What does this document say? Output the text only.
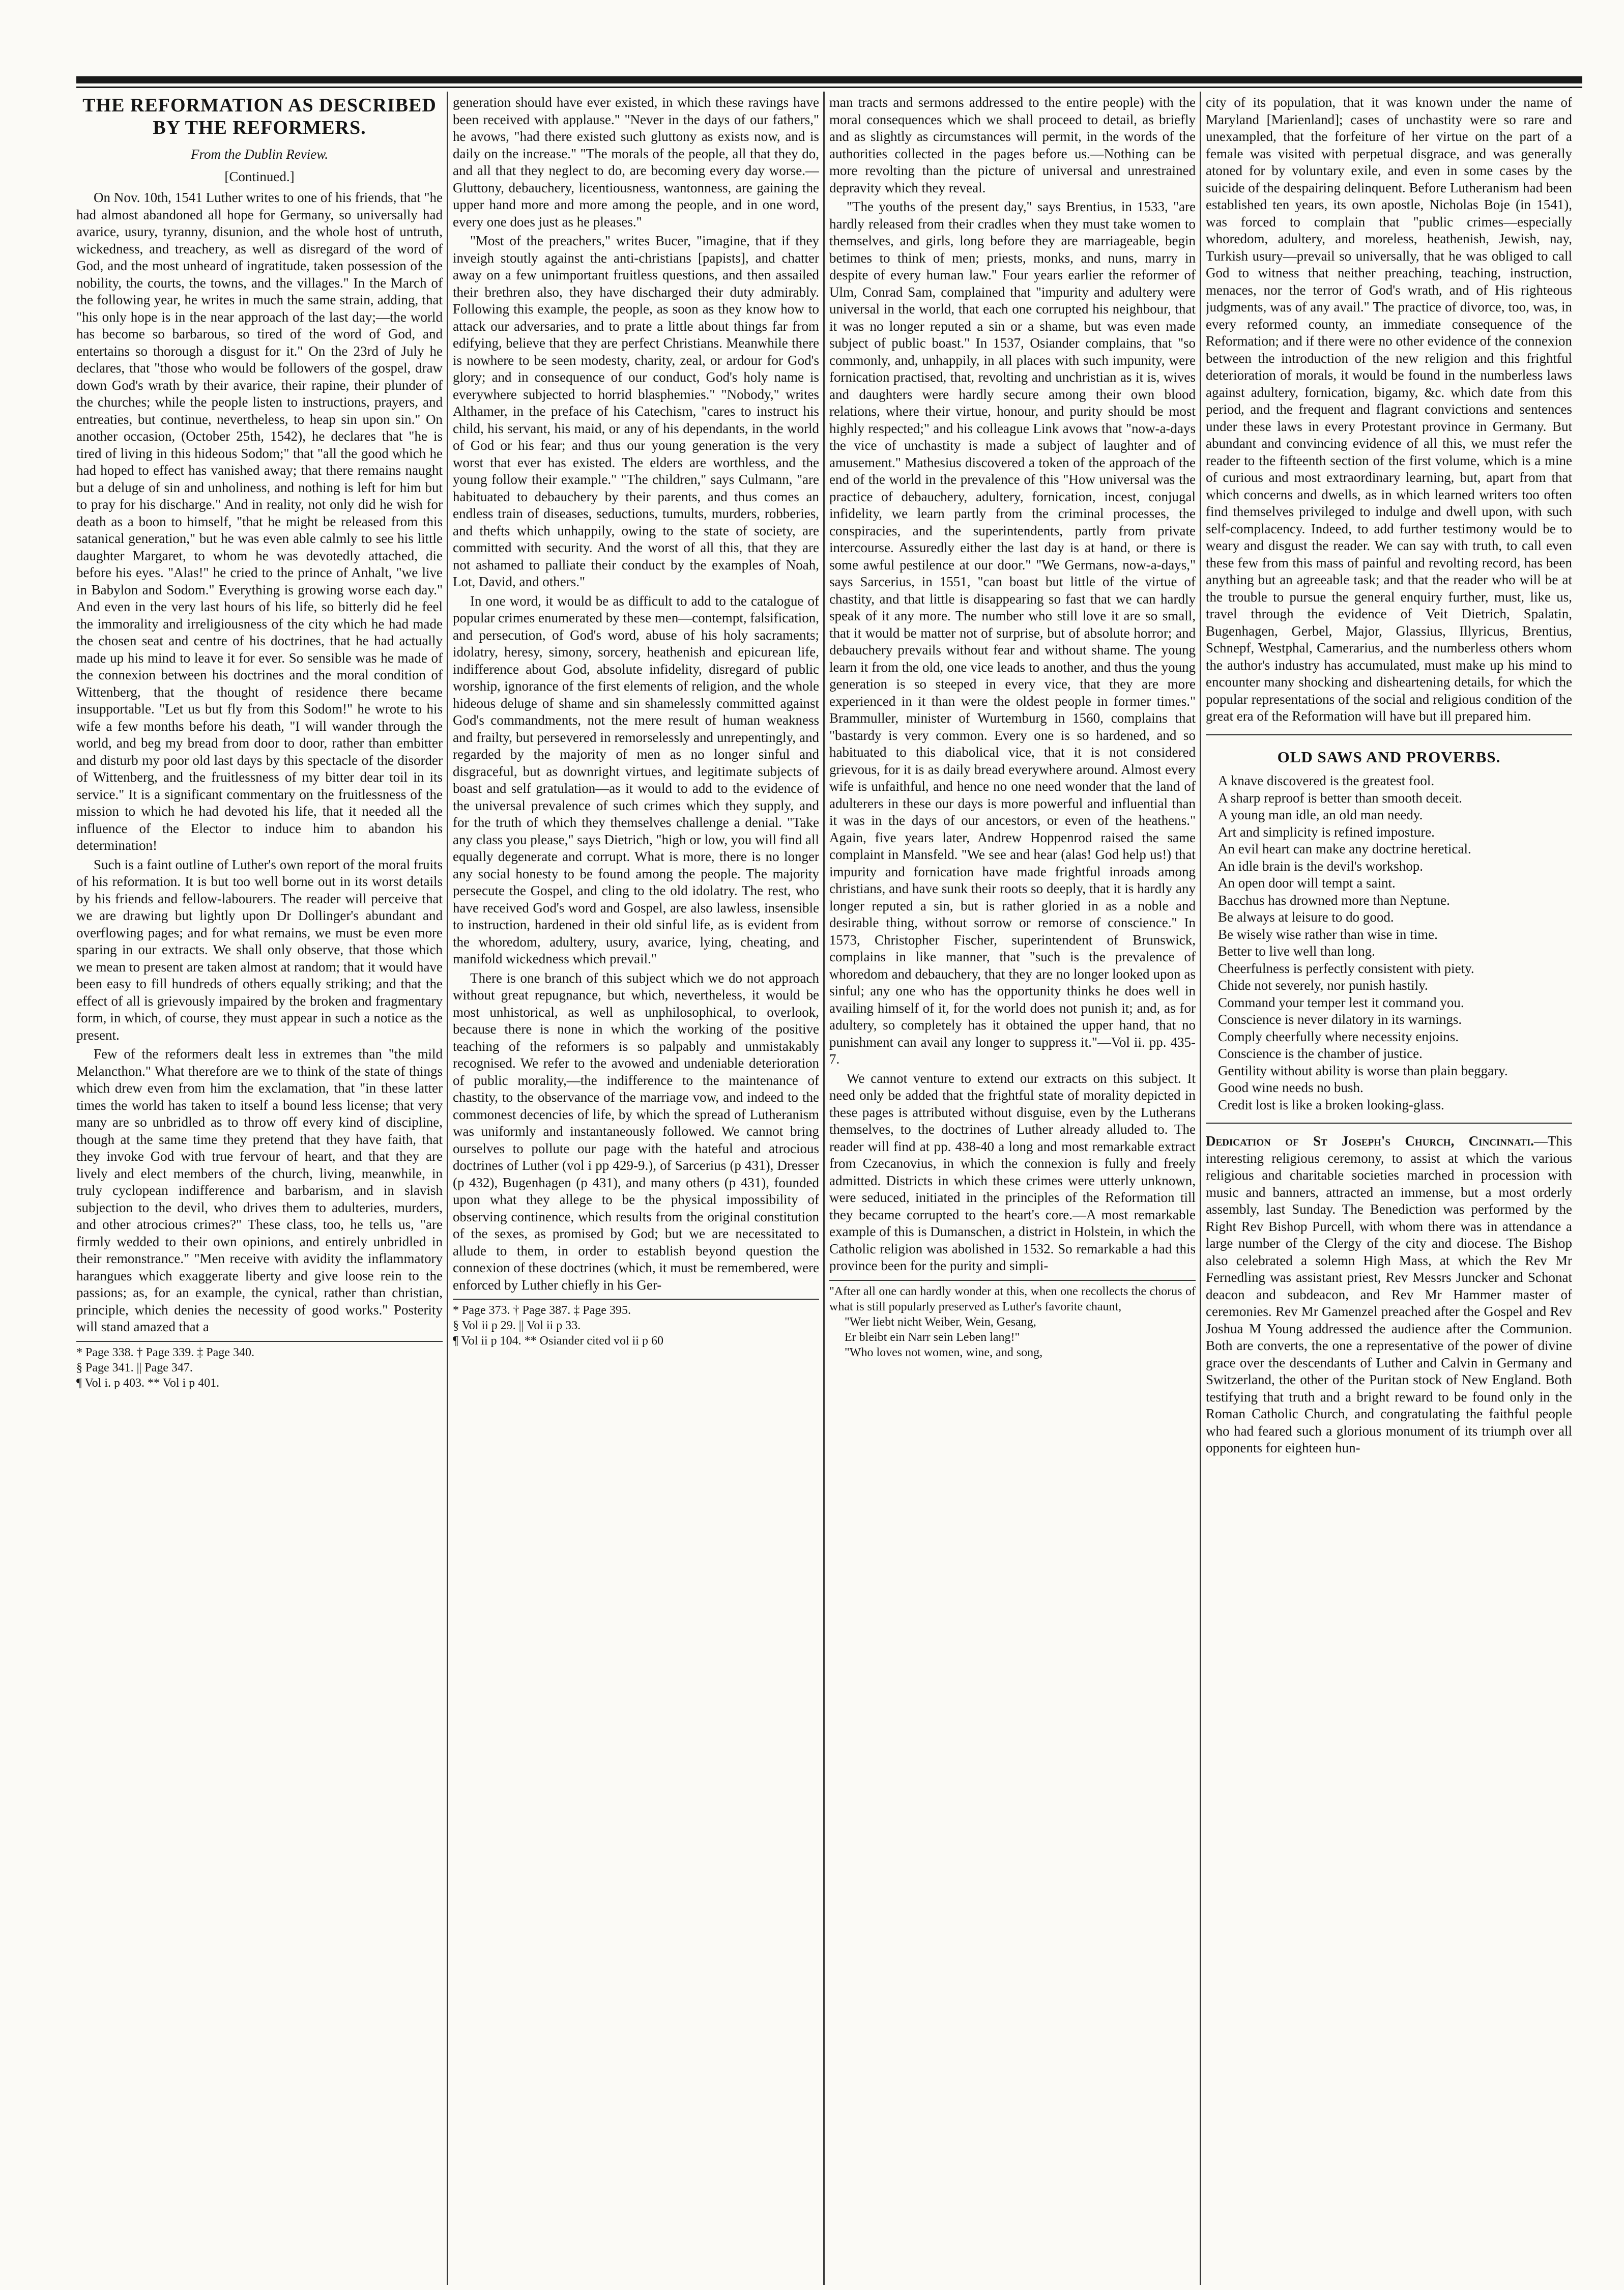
THE REFORMATION AS DESCRIBED BY THE REFORMERS.

From the Dublin Review.

[Continued.]

On Nov. 10th, 1541 Luther writes to one of his friends, that "he had almost abandoned all hope for Germany, so universally had avarice, usury, tyranny, disunion, and the whole host of untruth, wickedness, and treachery, as well as disregard of the word of God, and the most unheard of ingratitude, taken possession of the nobility, the courts, the towns, and the villages." In the March of the following year, he writes in much the same strain, adding, that "his only hope is in the near approach of the last day;—the world has become so barbarous, so tired of the word of God, and entertains so thorough a disgust for it." On the 23rd of July he declares, that "those who would be followers of the gospel, draw down God's wrath by their avarice, their rapine, their plunder of the churches; while the people listen to instructions, prayers, and entreaties, but continue, nevertheless, to heap sin upon sin." On another occasion, (October 25th, 1542), he declares that "he is tired of living in this hideous Sodom;" that "all the good which he had hoped to effect has vanished away; that there remains naught but a deluge of sin and unholiness, and nothing is left for him but to pray for his discharge." And in reality, not only did he wish for death as a boon to himself, "that he might be released from this satanical generation," but he was even able calmly to see his little daughter Margaret, to whom he was devotedly attached, die before his eyes. "Alas!" he cried to the prince of Anhalt, "we live in Babylon and Sodom." Everything is growing worse each day." And even in the very last hours of his life, so bitterly did he feel the immorality and irreligiousness of the city which he had made the chosen seat and centre of his doctrines, that he had actually made up his mind to leave it for ever. So sensible was he made of the connexion between his doctrines and the moral condition of Wittenberg, that the thought of residence there became insupportable. "Let us but fly from this Sodom!" he wrote to his wife a few months before his death, "I will wander through the world, and beg my bread from door to door, rather than embitter and disturb my poor old last days by this spectacle of the disorder of Wittenberg, and the fruitlessness of my bitter dear toil in its service." It is a significant commentary on the fruitlessness of the mission to which he had devoted his life, that it needed all the influence of the Elector to induce him to abandon his determination!

Such is a faint outline of Luther's own report of the moral fruits of his reformation. It is but too well borne out in its worst details by his friends and fellow-labourers. The reader will perceive that we are drawing but lightly upon Dr Dollinger's abundant and overflowing pages; and for what remains, we must be even more sparing in our extracts. We shall only observe, that those which we mean to present are taken almost at random; that it would have been easy to fill hundreds of others equally striking; and that the effect of all is grievously impaired by the broken and fragmentary form, in which, of course, they must appear in such a notice as the present.

Few of the reformers dealt less in extremes than "the mild Melancthon." What therefore are we to think of the state of things which drew even from him the exclamation, that "in these latter times the world has taken to itself a bound less license; that very many are so unbridled as to throw off every kind of discipline, though at the same time they pretend that they have faith, that they invoke God with true fervour of heart, and that they are lively and elect members of the church, living, meanwhile, in truly cyclopean indifference and barbarism, and in slavish subjection to the devil, who drives them to adulteries, murders, and other atrocious crimes?" These class, too, he tells us, "are firmly wedded to their own opinions, and entirely unbridled in their remonstrance." "Men receive with avidity the inflammatory harangues which exaggerate liberty and give loose rein to the passions; as, for an example, the cynical, rather than christian, principle, which denies the necessity of good works." Posterity will stand amazed that a

* Page 338. † Page 339. ‡ Page 340.

§ Page 341. || Page 347.

¶ Vol i. p 403. ** Vol i p 401.

generation should have ever existed, in which these ravings have been received with applause." "Never in the days of our fathers," he avows, "had there existed such gluttony as exists now, and is daily on the increase." "The morals of the people, all that they do, and all that they neglect to do, are becoming every day worse.—Gluttony, debauchery, licentiousness, wantonness, are gaining the upper hand more and more among the people, and in one word, every one does just as he pleases."

"Most of the preachers," writes Bucer, "imagine, that if they inveigh stoutly against the anti-christians [papists], and chatter away on a few unimportant fruitless questions, and then assailed their brethren also, they have discharged their duty admirably. Following this example, the people, as soon as they know how to attack our adversaries, and to prate a little about things far from edifying, believe that they are perfect Christians. Meanwhile there is nowhere to be seen modesty, charity, zeal, or ardour for God's glory; and in consequence of our conduct, God's holy name is everywhere subjected to horrid blasphemies." "Nobody," writes Althamer, in the preface of his Catechism, "cares to instruct his child, his servant, his maid, or any of his dependants, in the world of God or his fear; and thus our young generation is the very worst that ever has existed. The elders are worthless, and the young follow their example." "The children," says Culmann, "are habituated to debauchery by their parents, and thus comes an endless train of diseases, seductions, tumults, murders, robberies, and thefts which unhappily, owing to the state of society, are committed with security. And the worst of all this, that they are not ashamed to palliate their conduct by the examples of Noah, Lot, David, and others."

In one word, it would be as difficult to add to the catalogue of popular crimes enumerated by these men—contempt, falsification, and persecution, of God's word, abuse of his holy sacraments; idolatry, heresy, simony, sorcery, heathenish and epicurean life, indifference about God, absolute infidelity, disregard of public worship, ignorance of the first elements of religion, and the whole hideous deluge of shame and sin shamelessly committed against God's commandments, not the mere result of human weakness and frailty, but persevered in remorselessly and unrepentingly, and regarded by the majority of men as no longer sinful and disgraceful, but as downright virtues, and legitimate subjects of boast and self gratulation—as it would to add to the evidence of the universal prevalence of such crimes which they supply, and for the truth of which they themselves challenge a denial. "Take any class you please," says Dietrich, "high or low, you will find all equally degenerate and corrupt. What is more, there is no longer any social honesty to be found among the people. The majority persecute the Gospel, and cling to the old idolatry. The rest, who have received God's word and Gospel, are also lawless, insensible to instruction, hardened in their old sinful life, as is evident from the whoredom, adultery, usury, avarice, lying, cheating, and manifold wickedness which prevail."

There is one branch of this subject which we do not approach without great repugnance, but which, nevertheless, it would be most unhistorical, as well as unphilosophical, to overlook, because there is none in which the working of the positive teaching of the reformers is so palpably and unmistakably recognised. We refer to the avowed and undeniable deterioration of public morality,—the indifference to the maintenance of chastity, to the observance of the marriage vow, and indeed to the commonest decencies of life, by which the spread of Lutheranism was uniformly and instantaneously followed. We cannot bring ourselves to pollute our page with the hateful and atrocious doctrines of Luther (vol i pp 429-9.), of Sarcerius (p 431), Dresser (p 432), Bugenhagen (p 431), and many others (p 431), founded upon what they allege to be the physical impossibility of observing continence, which results from the original constitution of the sexes, as promised by God; but we are necessitated to allude to them, in order to establish beyond question the connexion of these doctrines (which, it must be remembered, were enforced by Luther chiefly in his Ger-

* Page 373. † Page 387. ‡ Page 395.

§ Vol ii p 29. || Vol ii p 33.

¶ Vol ii p 104. ** Osiander cited vol ii p 60

man tracts and sermons addressed to the entire people) with the moral consequences which we shall proceed to detail, as briefly and as slightly as circumstances will permit, in the words of the authorities collected in the pages before us.—Nothing can be more revolting than the picture of universal and unrestrained depravity which they reveal.

"The youths of the present day," says Brentius, in 1533, "are hardly released from their cradles when they must take women to themselves, and girls, long before they are marriageable, begin betimes to think of men; priests, monks, and nuns, marry in despite of every human law." Four years earlier the reformer of Ulm, Conrad Sam, complained that "impurity and adultery were universal in the world, that each one corrupted his neighbour, that it was no longer reputed a sin or a shame, but was even made subject of public boast." In 1537, Osiander complains, that "so commonly, and, unhappily, in all places with such impunity, were fornication practised, that, revolting and unchristian as it is, wives and daughters were hardly secure among their own blood relations, where their virtue, honour, and purity should be most highly respected;" and his colleague Link avows that "now-a-days the vice of unchastity is made a subject of laughter and of amusement." Mathesius discovered a token of the approach of the end of the world in the prevalence of this "How universal was the practice of debauchery, adultery, fornication, incest, conjugal infidelity, we learn partly from the criminal processes, the conspiracies, and the superintendents, partly from private intercourse. Assuredly either the last day is at hand, or there is some awful pestilence at our door." "We Germans, now-a-days," says Sarcerius, in 1551, "can boast but little of the virtue of chastity, and that little is disappearing so fast that we can hardly speak of it any more. The number who still love it are so small, that it would be matter not of surprise, but of absolute horror; and debauchery prevails without fear and without shame. The young learn it from the old, one vice leads to another, and thus the young generation is so steeped in every vice, that they are more experienced in it than were the oldest people in former times." Brammuller, minister of Wurtemburg in 1560, complains that "bastardy is very common. Every one is so hardened, and so habituated to this diabolical vice, that it is not considered grievous, for it is as daily bread everywhere around. Almost every wife is unfaithful, and hence no one need wonder that the land of adulterers in these our days is more powerful and influential than it was in the days of our ancestors, or even of the heathens." Again, five years later, Andrew Hoppenrod raised the same complaint in Mansfeld. "We see and hear (alas! God help us!) that impurity and fornication have made frightful inroads among christians, and have sunk their roots so deeply, that it is hardly any longer reputed a sin, but is rather gloried in as a noble and desirable thing, without sorrow or remorse of conscience." In 1573, Christopher Fischer, superintendent of Brunswick, complains in like manner, that "such is the prevalence of whoredom and debauchery, that they are no longer looked upon as sinful; any one who has the opportunity thinks he does well in availing himself of it, for the world does not punish it; and, as for adultery, so completely has it obtained the upper hand, that no punishment can avail any longer to suppress it."—Vol ii. pp. 435-7.

We cannot venture to extend our extracts on this subject. It need only be added that the frightful state of morality depicted in these pages is attributed without disguise, even by the Lutherans themselves, to the doctrines of Luther already alluded to. The reader will find at pp. 438-40 a long and most remarkable extract from Czecanovius, in which the connexion is fully and freely admitted. Districts in which these crimes were utterly unknown, were seduced, initiated in the principles of the Reformation till they became corrupted to the heart's core.—A most remarkable example of this is Dumanschen, a district in Holstein, in which the Catholic religion was abolished in 1532. So remarkable a had this province been for the purity and simpli-

"After all one can hardly wonder at this, when one recollects the chorus of what is still popularly preserved as Luther's favorite chaunt,

"Wer liebt nicht Weiber, Wein, Gesang,
Er bleibt ein Narr sein Leben lang!"
"Who loves not women, wine, and song,

city of its population, that it was known under the name of Maryland [Marienland]; cases of unchastity were so rare and unexampled, that the forfeiture of her virtue on the part of a female was visited with perpetual disgrace, and was generally atoned for by voluntary exile, and even in some cases by the suicide of the despairing delinquent. Before Lutheranism had been established ten years, its own apostle, Nicholas Boje (in 1541), was forced to complain that "public crimes—especially whoredom, adultery, and moreless, heathenish, Jewish, nay, Turkish usury—prevail so universally, that he was obliged to call God to witness that neither preaching, teaching, instruction, menaces, nor the terror of God's wrath, and of His righteous judgments, was of any avail." The practice of divorce, too, was, in every reformed county, an immediate consequence of the Reformation; and if there were no other evidence of the connexion between the introduction of the new religion and this frightful deterioration of morals, it would be found in the numberless laws against adultery, fornication, bigamy, &c. which date from this period, and the frequent and flagrant convictions and sentences under these laws in every Protestant province in Germany. But abundant and convincing evidence of all this, we must refer the reader to the fifteenth section of the first volume, which is a mine of curious and most extraordinary learning, but, apart from that which concerns and dwells, as in which learned writers too often find themselves privileged to indulge and dwell upon, with such self-complacency. Indeed, to add further testimony would be to weary and disgust the reader. We can say with truth, to call even these few from this mass of painful and revolting record, has been anything but an agreeable task; and that the reader who will be at the trouble to pursue the general enquiry further, must, like us, travel through the evidence of Veit Dietrich, Spalatin, Bugenhagen, Gerbel, Major, Glassius, Illyricus, Brentius, Schnepf, Westphal, Camerarius, and the numberless others whom the author's industry has accumulated, must make up his mind to encounter many shocking and disheartening details, for which the popular representations of the social and religious condition of the great era of the Reformation will have but ill prepared him.

OLD SAWS AND PROVERBS.

A knave discovered is the greatest fool.

A sharp reproof is better than smooth deceit.

A young man idle, an old man needy.

Art and simplicity is refined imposture.

An evil heart can make any doctrine heretical.

An idle brain is the devil's workshop.

An open door will tempt a saint.

Bacchus has drowned more than Neptune.

Be always at leisure to do good.

Be wisely wise rather than wise in time.

Better to live well than long.

Cheerfulness is perfectly consistent with piety.

Chide not severely, nor punish hastily.

Command your temper lest it command you.

Conscience is never dilatory in its warnings.

Comply cheerfully where necessity enjoins.

Conscience is the chamber of justice.

Gentility without ability is worse than plain beggary.

Good wine needs no bush.

Credit lost is like a broken looking-glass.

Dedication of St Joseph's Church, Cincinnati.—This interesting religious ceremony, to assist at which the various religious and charitable societies marched in procession with music and banners, attracted an immense, but a most orderly assembly, last Sunday. The Benediction was performed by the Right Rev Bishop Purcell, with whom there was in attendance a large number of the Clergy of the city and diocese. The Bishop also celebrated a solemn High Mass, at which the Rev Mr Fernedling was assistant priest, Rev Messrs Juncker and Schonat deacon and subdeacon, and Rev Mr Hammer master of ceremonies. Rev Mr Gamenzel preached after the Gospel and Rev Joshua M Young addressed the audience after the Communion. Both are converts, the one a representative of the power of divine grace over the descendants of Luther and Calvin in Germany and Switzerland, the other of the Puritan stock of New England. Both testifying that truth and a bright reward to be found only in the Roman Catholic Church, and congratulating the faithful people who had feared such a glorious monument of its triumph over all opponents for eighteen hun-
